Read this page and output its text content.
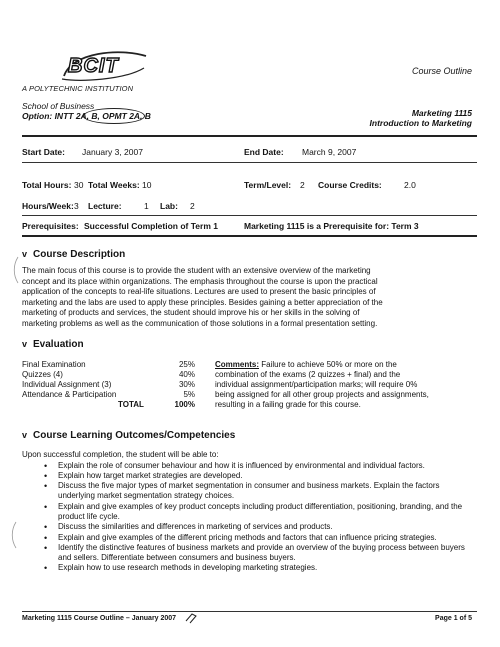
BCIT
A POLYTECHNIC INSTITUTION
School of Business
Option: INTT 2A, B, OPMT 2A, B
Course Outline
Marketing 1115
Introduction to Marketing
Start Date: January 3, 2007	End Date: March 9, 2007
Total Hours: 30 Total Weeks: 10	Term/Level: 2 Course Credits:	2.0
Hours/Week: 3 Lecture:	1 Lab: 2
Prerequisites: Successful Completion of Term 1	Marketing 1115 is a Prerequisite for: Term 3
v Course Description
The main focus of this course is to provide the student with an extensive overview of the marketing
concept and its place within organizations. The emphasis throughout the course is upon the practical
application of the concepts to real-life situations. Lectures are used to present the basic principles of
marketing and the labs are used to apply these principles. Besides gaining a better appreciation of the
marketing of products and services, the student should improve his or her skills in the solving of
marketing problems as well as the communication of those solutions in a formal presentation setting.
v Evaluation
Final Examination	25%
Quizzes (4)	40%
Individual Assignment (3)	30%
Attendance & Participation	5%
TOTAL	100%
Comments: Failure to achieve 50% or more on the
combination of the exams (2 quizzes + final) and the
individual assignment/participation marks; will require 0%
being assigned for all other group projects and assignments,
resulting in a failing grade for this course.
v Course Learning Outcomes/Competencies
Upon successful completion, the student will be able to:
• Explain the role of consumer behaviour and how it is influenced by environmental and individual factors.
• Explain how target market strategies are developed.
• Discuss the five major types of market segmentation in consumer and business markets. Explain the factors underlying market segmentation strategy choices.
• Explain and give examples of key product concepts including product differentiation, positioning, branding, and the product life cycle.
• Discuss the similarities and differences in marketing of services and products.
• Explain and give examples of the different pricing methods and factors that can influence pricing strategies.
• Identify the distinctive features of business markets and provide an overview of the buying process between buyers and sellers. Differentiate between consumers and business buyers.
• Explain how to use research methods in developing marketing strategies.
Marketing 1115 Course Outline – January 2007	Page 1 of 5
